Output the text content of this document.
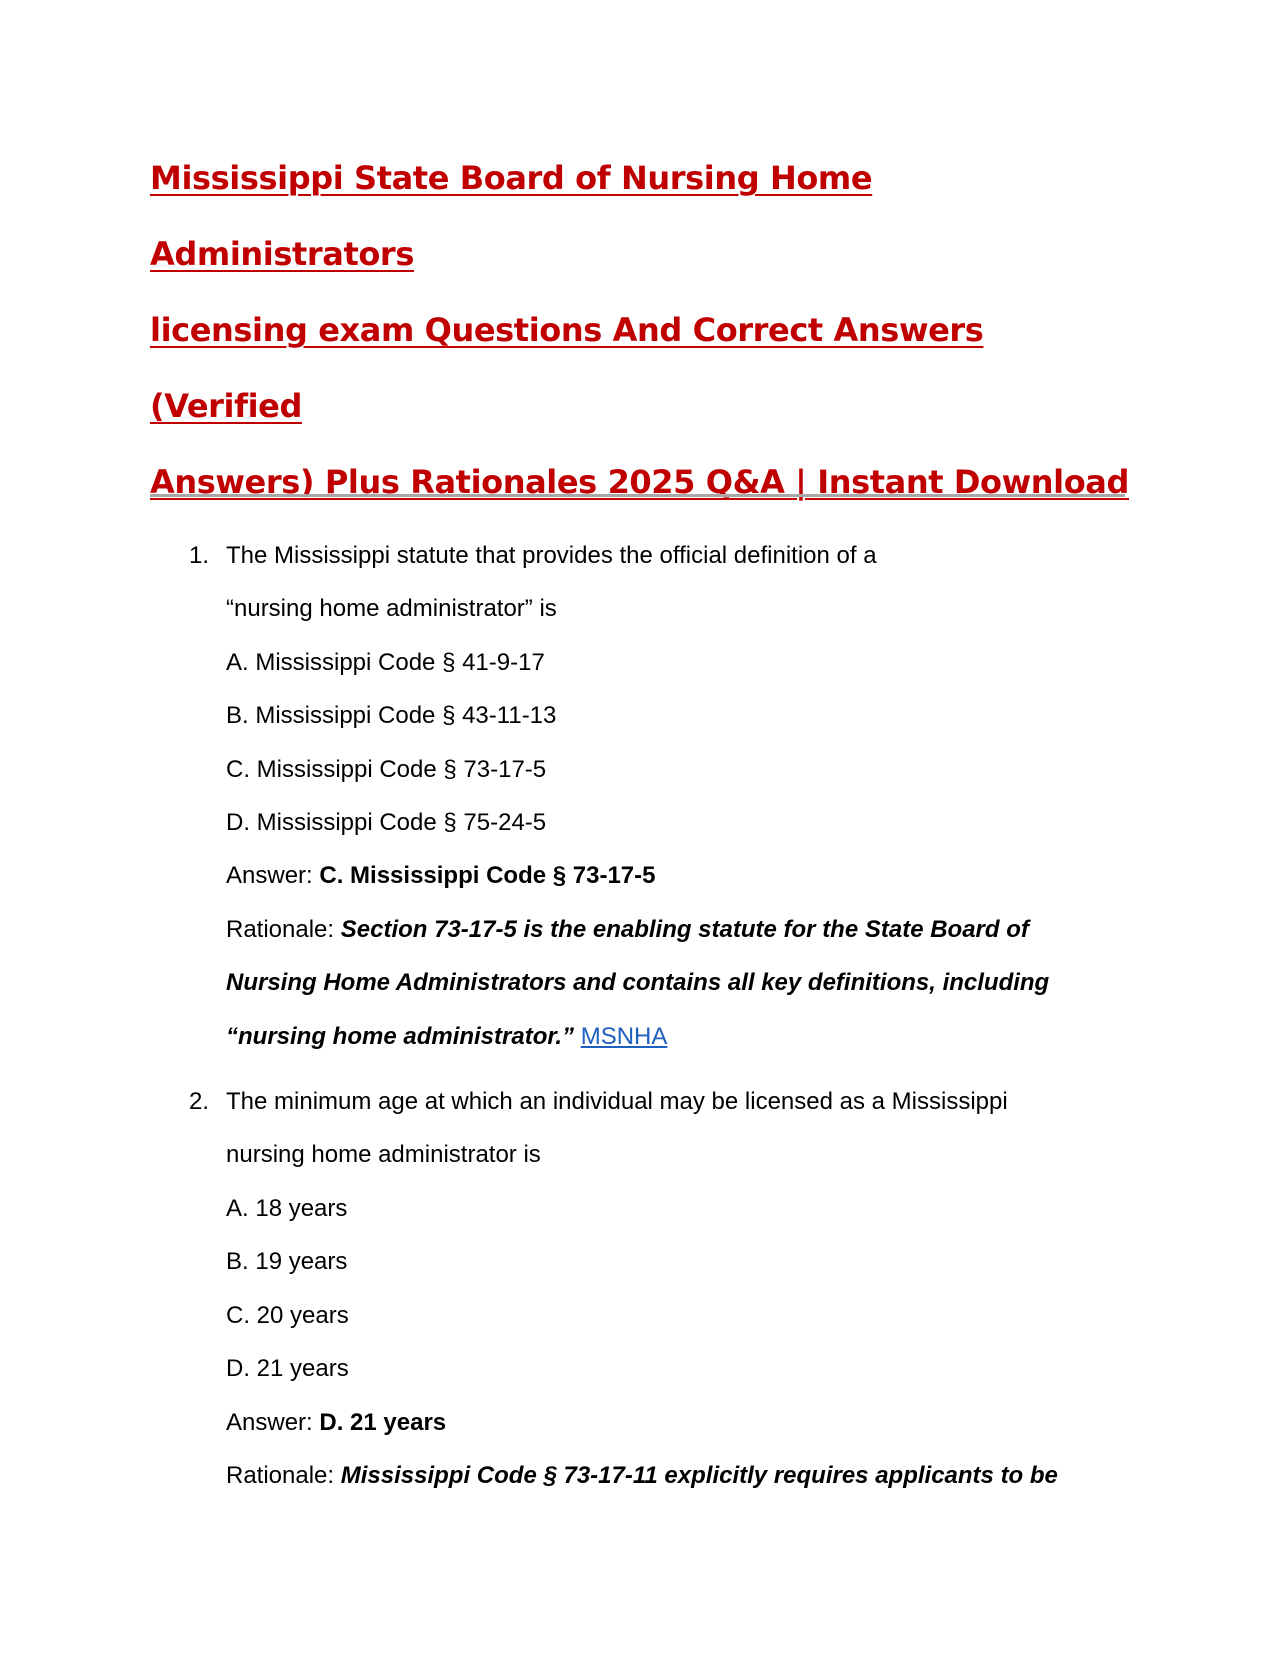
Mississippi State Board of Nursing Home Administrators
licensing exam Questions And Correct Answers (Verified
Answers) Plus Rationales 2025 Q&A | Instant Download
1. The Mississippi statute that provides the official definition of a
“nursing home administrator” is
A. Mississippi Code § 41-9-17
B. Mississippi Code § 43-11-13
C. Mississippi Code § 73-17-5
D. Mississippi Code § 75-24-5
Answer: C. Mississippi Code § 73-17-5
Rationale: Section 73-17-5 is the enabling statute for the State Board of
Nursing Home Administrators and contains all key definitions, including
“nursing home administrator.” MSNHA
2. The minimum age at which an individual may be licensed as a Mississippi
nursing home administrator is
A. 18 years
B. 19 years
C. 20 years
D. 21 years
Answer: D. 21 years
Rationale: Mississippi Code § 73-17-11 explicitly requires applicants to be
